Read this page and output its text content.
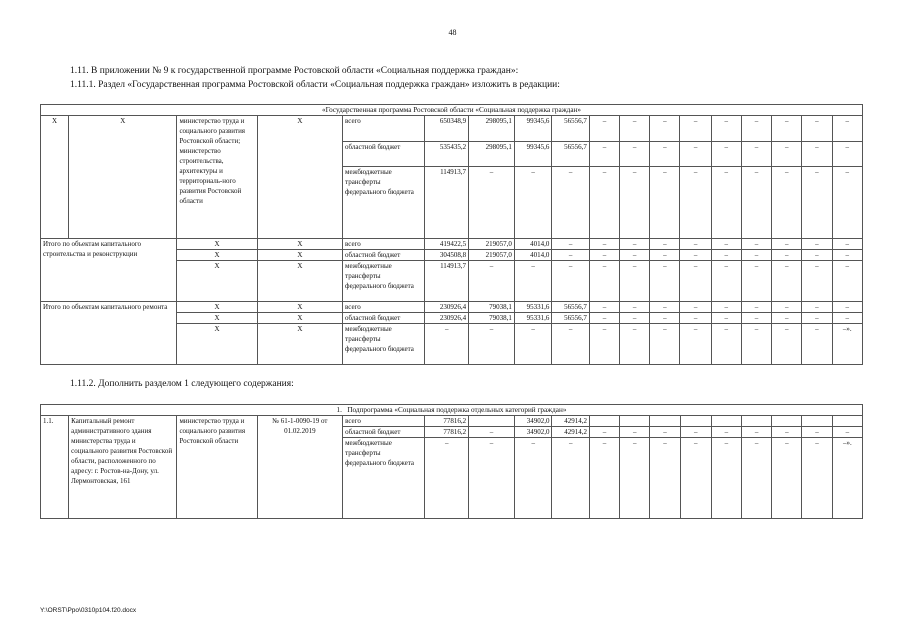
48
1.11. В приложении № 9 к государственной программе Ростовской области «Социальная поддержка граждан»:
1.11.1. Раздел «Государственная программа Ростовской области «Социальная поддержка граждан» изложить в редакции:
«Государственная программа Ростовской области «Социальная поддержка граждан»																	
Х	Х	министерство труда и социального развития Ростовской области; министерство строительства, архитектуры и территориаль-ного развития Ростовской области	Х	всего	650348,9	298095,1	99345,6	56556,7	–	–	–	–	–	–	–	–	–
				областной бюджет	535435,2	298095,1	99345,6	56556,7	–	–	–	–	–	–	–	–	–
				межбюджетные трансферты федерального бюджета	114913,7	–	–	–	–	–	–	–	–	–	–	–	–
Итого по объектам капитального строительства и реконструкции		Х	Х	всего	419422,5	219057,0	4014,0	–	–	–	–	–	–	–	–	–	–
		Х	Х	областной бюджет	304508,8	219057,0	4014,0	–	–	–	–	–	–	–	–	–	–
		Х	Х	межбюджетные трансферты федерального бюджета	114913,7	–	–	–	–	–	–	–	–	–	–	–	–
Итого по объектам капитального ремонта		Х	Х	всего	230926,4	79038,1	95331,6	56556,7	–	–	–	–	–	–	–	–	–
		Х	Х	областной бюджет	230926,4	79038,1	95331,6	56556,7	–	–	–	–	–	–	–	–	–
		Х	Х	межбюджетные трансферты федерального бюджета	–	–	–	–	–	–	–	–	–	–	–	–	–».
1.11.2. Дополнить разделом 1 следующего содержания:
1. Подпрограмма «Социальная поддержка отдельных категорий граждан»																	
1.1.	Капитальный ремонт административного здания министерства труда и социального развития Ростовской области, расположенного по адресу: г. Ростов-на-Дону, ул. Лермонтовская, 161	министерство труда и социального развития Ростовской области	№ 61-1-0090-19 от 01.02.2019	всего	77816,2		34902,0	42914,2									
				областной бюджет	77816,2	–	34902,0	42914,2	–	–	–	–	–	–	–	–	–
				межбюджетные трансферты федерального бюджета	–	–	–	–	–	–	–	–	–	–	–	–	–».
Y:\ORST\Ppo\0310p104.f20.docx
